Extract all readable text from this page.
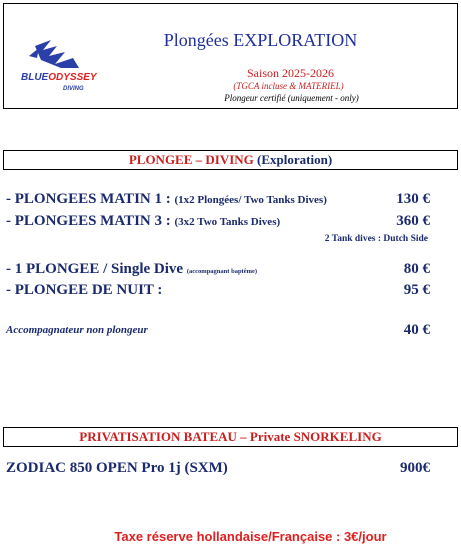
BLUEODYSSEY
DIVING
Plongées EXPLORATION
Saison 2025-2026
(TGCA incluse & MATERIEL)
Plongeur certifié (uniquement - only)
PLONGEE – DIVING (Exploration)
- PLONGEES MATIN 1 : (1x2 Plongées/ Two Tanks Dives)	130 €
- PLONGEES MATIN 3 : (3x2 Two Tanks Dives)	360 €
2 Tank dives : Dutch Side
- 1 PLONGEE / Single Dive (accompagnant baptême)	80 €
- PLONGEE DE NUIT :	95 €
Accompagnateur non plongeur	40 €
PRIVATISATION BATEAU – Private SNORKELING
ZODIAC 850 OPEN Pro 1j (SXM)	900€
Taxe réserve hollandaise/Française : 3€/jour
